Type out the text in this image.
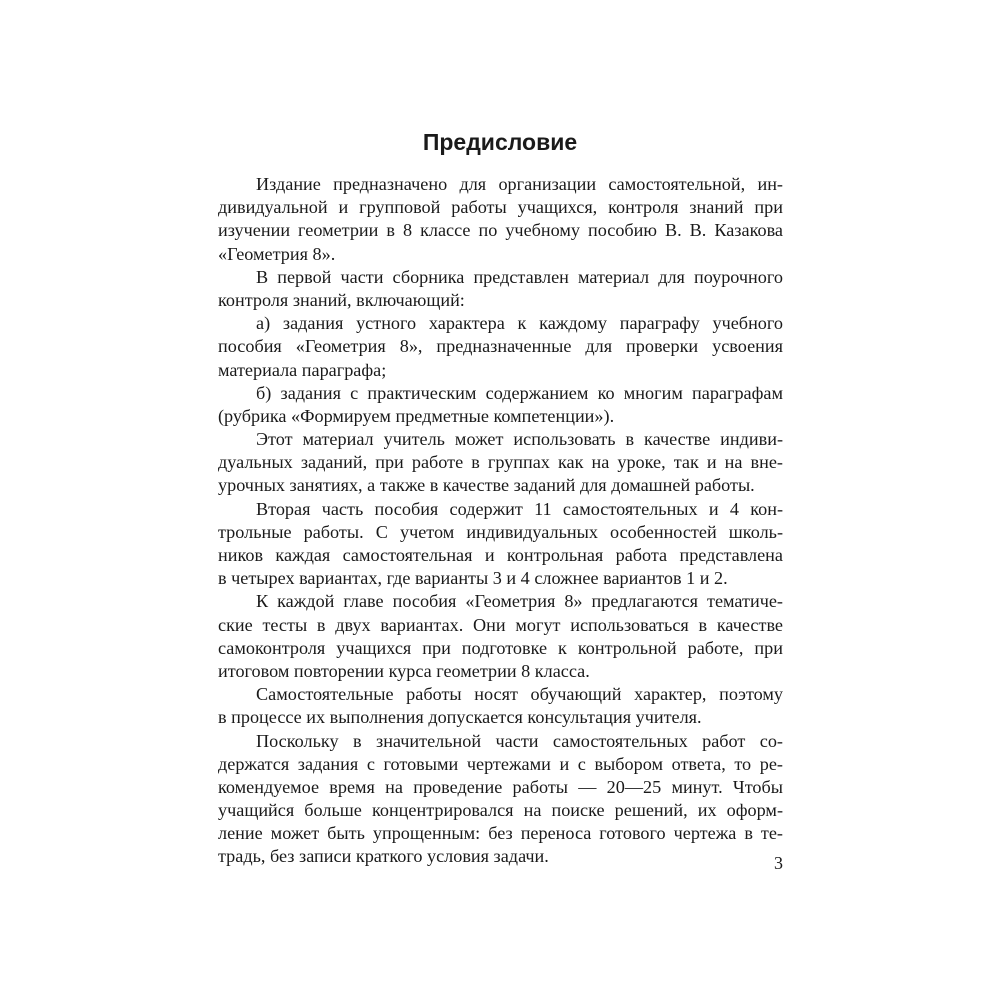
Предисловие
Издание предназначено для организации самостоятельной, ин-
дивидуальной и групповой работы учащихся, контроля знаний при
изучении геометрии в 8 классе по учебному пособию В. В. Казакова
«Геометрия 8».
В первой части сборника представлен материал для поурочного
контроля знаний, включающий:
а) задания устного характера к каждому параграфу учебного
пособия «Геометрия 8», предназначенные для проверки усвоения
материала параграфа;
б) задания с практическим содержанием ко многим параграфам
(рубрика «Формируем предметные компетенции»).
Этот материал учитель может использовать в качестве индиви-
дуальных заданий, при работе в группах как на уроке, так и на вне-
урочных занятиях, а также в качестве заданий для домашней работы.
Вторая часть пособия содержит 11 самостоятельных и 4 кон-
трольные работы. С учетом индивидуальных особенностей школь-
ников каждая самостоятельная и контрольная работа представлена
в четырех вариантах, где варианты 3 и 4 сложнее вариантов 1 и 2.
К каждой главе пособия «Геометрия 8» предлагаются тематиче-
ские тесты в двух вариантах. Они могут использоваться в качестве
самоконтроля учащихся при подготовке к контрольной работе, при
итоговом повторении курса геометрии 8 класса.
Самостоятельные работы носят обучающий характер, поэтому
в процессе их выполнения допускается консультация учителя.
Поскольку в значительной части самостоятельных работ со-
держатся задания с готовыми чертежами и с выбором ответа, то ре-
комендуемое время на проведение работы — 20—25 минут. Чтобы
учащийся больше концентрировался на поиске решений, их оформ-
ление может быть упрощенным: без переноса готового чертежа в те-
традь, без записи краткого условия задачи.	3
